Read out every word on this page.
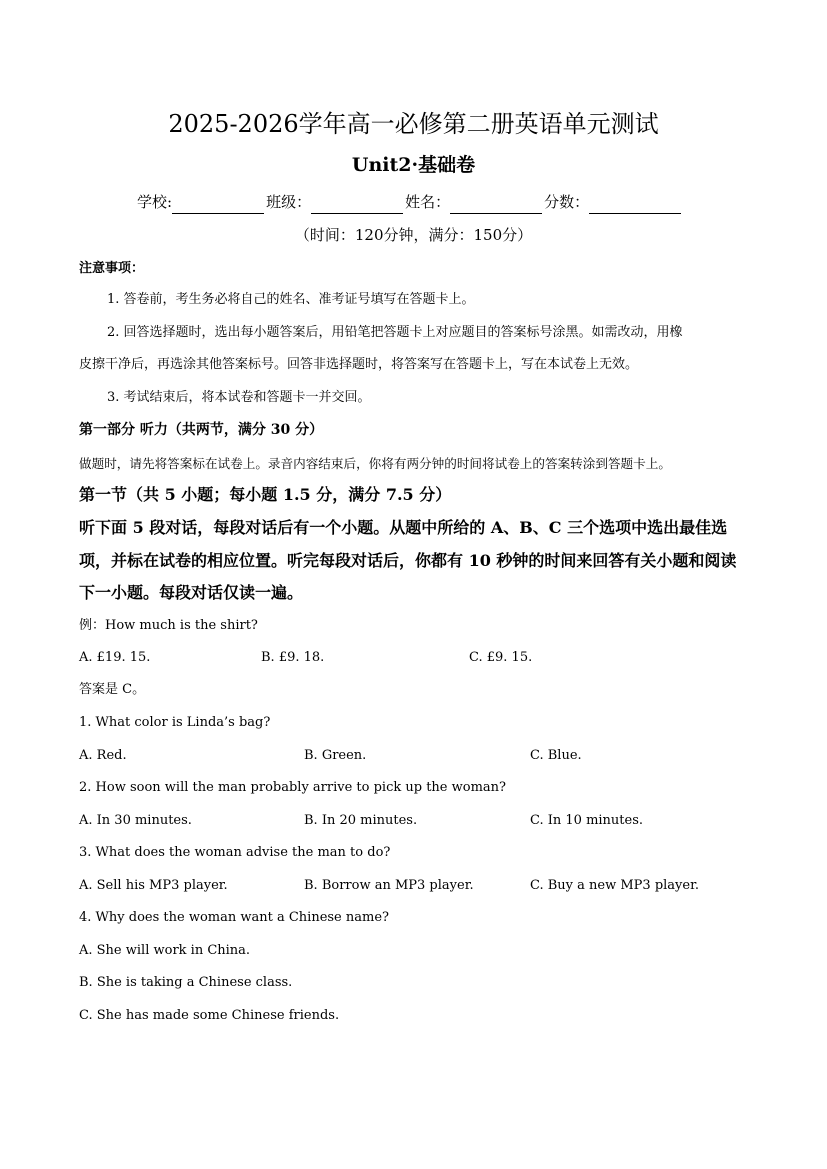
2025-2026学年高一必修第二册英语单元测试
Unit2·基础卷
学校:	班级：	姓名：	分数：
（时间：120分钟，满分：150分）
注意事项：
1. 答卷前，考生务必将自己的姓名、准考证号填写在答题卡上。
2. 回答选择题时，选出每小题答案后，用铅笔把答题卡上对应题目的答案标号涂黑。如需改动，用橡
皮擦干净后，再选涂其他答案标号。回答非选择题时，将答案写在答题卡上，写在本试卷上无效。
3. 考试结束后，将本试卷和答题卡一并交回。
第一部分 听力（共两节，满分 30 分）
做题时，请先将答案标在试卷上。录音内容结束后，你将有两分钟的时间将试卷上的答案转涂到答题卡上。
第一节（共 5 小题；每小题 1.5 分，满分 7.5 分）
听下面 5 段对话，每段对话后有一个小题。从题中所给的 A、B、C 三个选项中选出最佳选
项，并标在试卷的相应位置。听完每段对话后，你都有 10 秒钟的时间来回答有关小题和阅读
下一小题。每段对话仅读一遍。
例：How much is the shirt?
A. £19. 15.	B. £9. 18.	C. £9. 15.
答案是 C。
1. What color is Linda’s bag?
A. Red.	B. Green.	C. Blue.
2. How soon will the man probably arrive to pick up the woman?
A. In 30 minutes.	B. In 20 minutes.	C. In 10 minutes.
3. What does the woman advise the man to do?
A. Sell his MP3 player.	B. Borrow an MP3 player.	C. Buy a new MP3 player.
4. Why does the woman want a Chinese name?
A. She will work in China.
B. She is taking a Chinese class.
C. She has made some Chinese friends.
